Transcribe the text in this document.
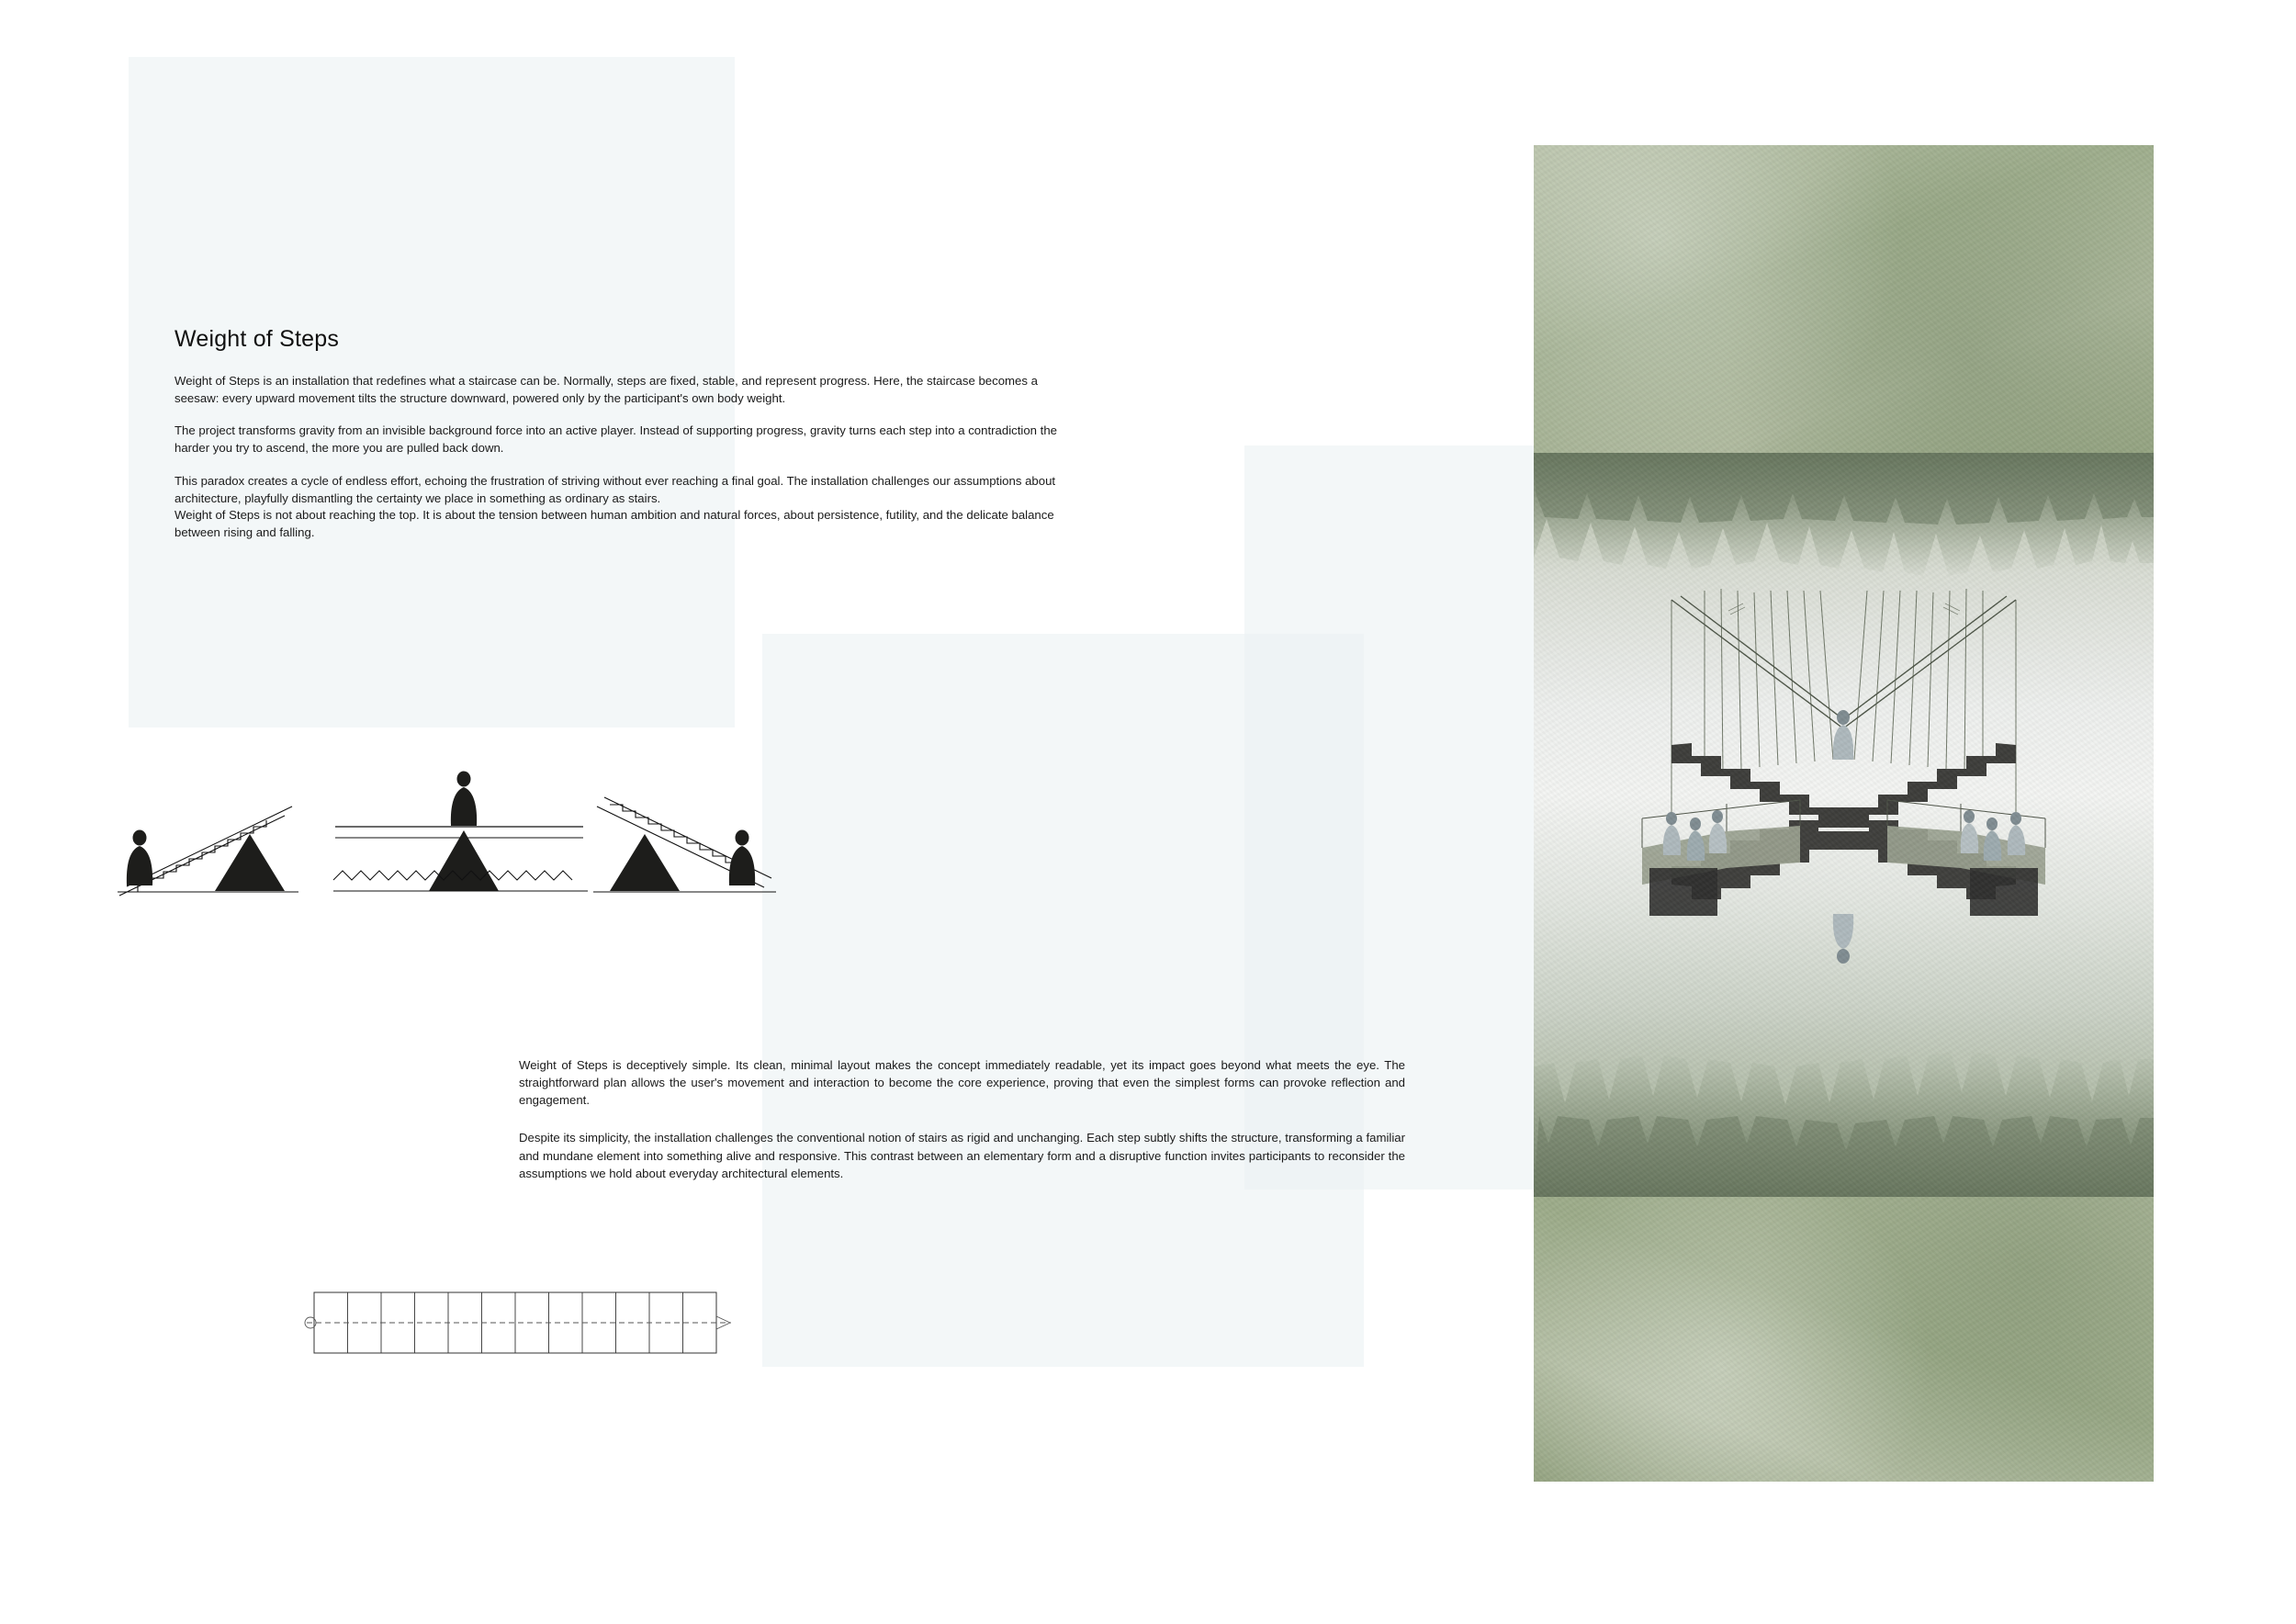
Weight of Steps

Weight of Steps is an installation that redefines what a staircase can be. Normally, steps are fixed, stable, and represent progress. Here, the staircase becomes a seesaw: every upward movement tilts the structure downward, powered only by the participant's own body weight.

The project transforms gravity from an invisible background force into an active player. Instead of supporting progress, gravity turns each step into a contradiction the harder you try to ascend, the more you are pulled back down.

This paradox creates a cycle of endless effort, echoing the frustration of striving without ever reaching a final goal. The installation challenges our assumptions about architecture, playfully dismantling the certainty we place in something as ordinary as stairs.

Weight of Steps is not about reaching the top. It is about the tension between human ambition and natural forces, about persistence, futility, and the delicate balance between rising and falling.

Weight of Steps is deceptively simple. Its clean, minimal layout makes the concept immediately readable, yet its impact goes beyond what meets the eye. The straightforward plan allows the user's movement and interaction to become the core experience, proving that even the simplest forms can provoke reflection and engagement.

Despite its simplicity, the installation challenges the conventional notion of stairs as rigid and unchanging. Each step subtly shifts the structure, transforming a familiar and mundane element into something alive and responsive. This contrast between an elementary form and a disruptive function invites participants to reconsider the assumptions we hold about everyday architectural elements.
